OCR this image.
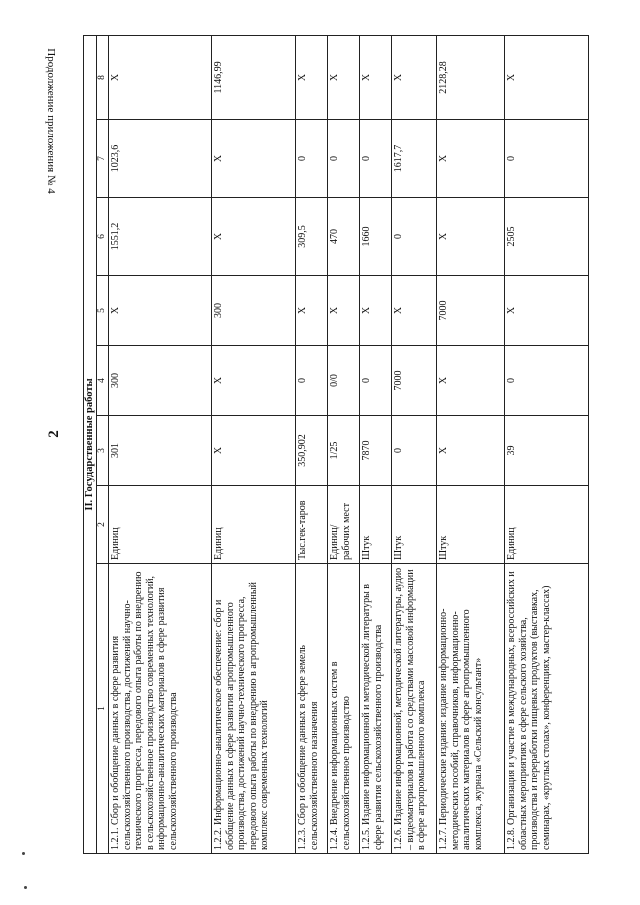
2
Продолжение приложения № 4
II. Государственные работы							
1	2	3	4	5	6	7	8
1.2.1. Сбор и обобщение данных в сфере развития сельскохозяйственного производства, достижений научно-технического прогресса, передового опыта работы по внедрению в сельскохозяйственное производство современных технологий, информационно-аналитических материалов в сфере развития сельскохозяйственного производства	Единиц	301	300	X	1551,2	1023,6	X
1.2.2. Информационно-аналитическое обеспечение: сбор и обобщение данных в сфере развития агропромышленного производства, достижений научно-технического прогресса, передового опыта работы по внедрению в агропромышленный комплекс современных технологий	Единиц	X	X	300	X	X	1146,99
1.2.3. Сбор и обобщение данных в сфере земель сельскохозяйственного назначения	Тыс.гек-таров	350,902	0	X	309,5	0	X
1.2.4. Внедрение информационных систем в сельскохозяйственное производство	Единиц/ рабочих мест	1/25	0/0	X	470	0	X
1.2.5. Издание информационной и методической литературы в сфере развития сельскохозяйственного производства	Штук	7870	0	X	1660	0	X
1.2.6. Издание информационной, методической литературы, аудио – видеоматериалов и работа со средствами массовой информации в сфере агропромышленного комплекса	Штук	0	7000	X	0	1617,7	X
1.2.7. Периодические издания: издание информационно-методических пособий, справочников, информационно-аналитических материалов в сфере агропромышленного комплекса, журнала «Сельский консультант»	Штук	X	X	7000	X	X	2128,28
1.2.8. Организация и участие в международных, всероссийских и областных мероприятиях в сфере сельского хозяйства, производства и переработки пищевых продуктов (выставках, семинарах, «круглых столах», конференциях, мастер-классах)	Единиц	39	0	X	2505	0	X
